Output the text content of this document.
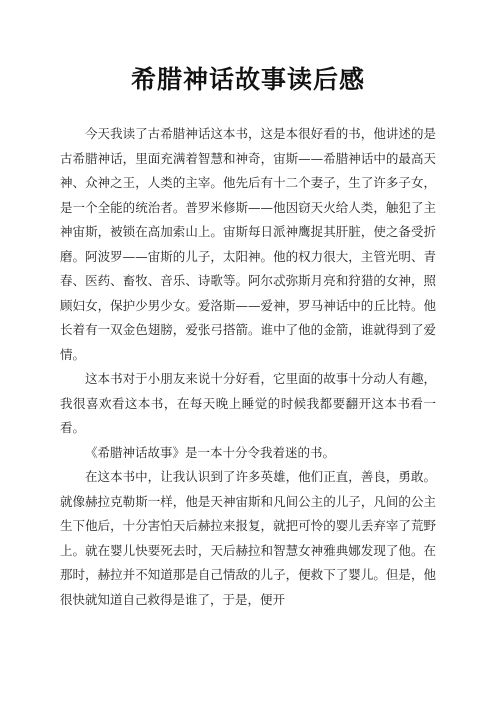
希腊神话故事读后感

今天我读了古希腊神话这本书，这是本很好看的书，他讲述的是古希腊神话，里面充满着智慧和神奇，宙斯——希腊神话中的最高天神、众神之王，人类的主宰。他先后有十二个妻子，生了许多子女，是一个全能的统治者。普罗米修斯——他因窃天火给人类，触犯了主神宙斯，被锁在高加索山上。宙斯每日派神鹰捉其肝脏，使之备受折磨。阿波罗——宙斯的儿子，太阳神。他的权力很大，主管光明、青春、医药、畜牧、音乐、诗歌等。阿尔忒弥斯月亮和狩猎的女神，照顾妇女，保护少男少女。爱洛斯——爱神，罗马神话中的丘比特。他长着有一双金色翅膀，爱张弓搭箭。谁中了他的金箭，谁就得到了爱情。

这本书对于小朋友来说十分好看，它里面的故事十分动人有趣，我很喜欢看这本书，在每天晚上睡觉的时候我都要翻开这本书看一看。

《希腊神话故事》是一本十分令我着迷的书。

在这本书中，让我认识到了许多英雄，他们正直，善良，勇敢。就像赫拉克勒斯一样，他是天神宙斯和凡间公主的儿子，凡间的公主生下他后，十分害怕天后赫拉来报复，就把可怜的婴儿丢弃宰了荒野上。就在婴儿快要死去时，天后赫拉和智慧女神雅典娜发现了他。在那时，赫拉并不知道那是自己情敌的儿子，便救下了婴儿。但是，他很快就知道自己救得是谁了，于是，便开
